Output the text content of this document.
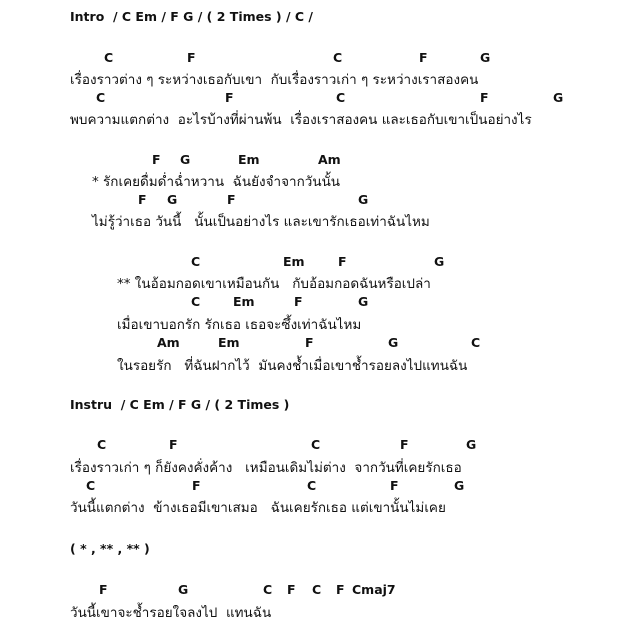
Intro  / C Em / F G / ( 2 Times ) / C /
C	F	C	F	G
เรื่องราวต่าง ๆ ระหว่างเธอกับเขา  กับเรื่องราวเก่า ๆ ระหว่างเราสองคน
C	F	C	F	G
พบความแตกต่าง  อะไรบ้างที่ผ่านพ้น  เรื่องเราสองคน และเธอกับเขาเป็นอย่างไร
F G	Em	Am
* รักเคยดื่มด่ำฉ่ำหวาน  ฉันยังจำจากวันนั้น
F G	F	G
ไม่รู้ว่าเธอ วันนี้   นั้นเป็นอย่างไร และเขารักเธอเท่าฉันไหม
C	Em	F	G
** ในอ้อมกอดเขาเหมือนกัน   กับอ้อมกอดฉันหรือเปล่า
C	Em	F	G
เมื่อเขาบอกรัก รักเธอ เธอจะซึ้งเท่าฉันไหม
Am	Em	F	G	C
ในรอยรัก   ที่ฉันฝากไว้  มันคงช้ำเมื่อเขาช้ำรอยลงไปแทนฉัน
Instru  / C Em / F G / ( 2 Times )
C	F	C	F	G
เรื่องราวเก่า ๆ ก็ยังคงคั่งค้าง   เหมือนเดิมไม่ต่าง  จากวันที่เคยรักเธอ
C	F	C	F	G
วันนี้แตกต่าง  ข้างเธอมีเขาเสมอ   ฉันเคยรักเธอ แต่เขานั้นไม่เคย
( * , ** , ** )
F	G	C F C F Cmaj7
วันนี้เขาจะช้ำรอยใจลงไป  แทนฉัน
